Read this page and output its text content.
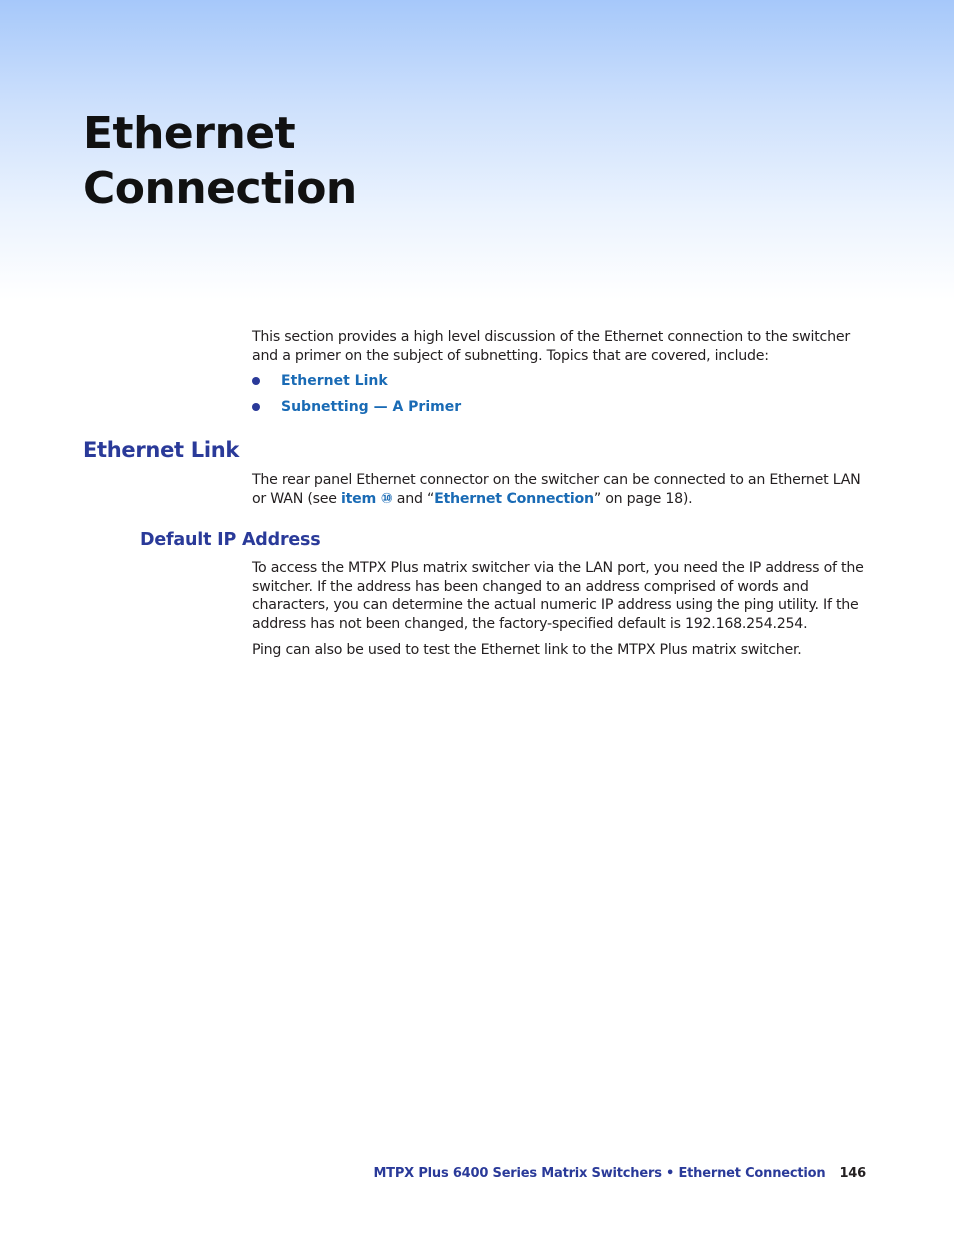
Ethernet
Connection

This section provides a high level discussion of the Ethernet connection to the switcher and a primer on the subject of subnetting. Topics that are covered, include:

Ethernet Link
Subnetting — A Primer
Ethernet Link

The rear panel Ethernet connector on the switcher can be connected to an Ethernet LAN or WAN (see item ⑩ and “Ethernet Connection” on page 18).

Default IP Address

To access the MTPX Plus matrix switcher via the LAN port, you need the IP address of the switcher. If the address has been changed to an address comprised of words and characters, you can determine the actual numeric IP address using the ping utility. If the address has not been changed, the factory-specified default is 192.168.254.254.

Ping can also be used to test the Ethernet link to the MTPX Plus matrix switcher.

MTPX Plus 6400 Series Matrix Switchers • Ethernet Connection 146
